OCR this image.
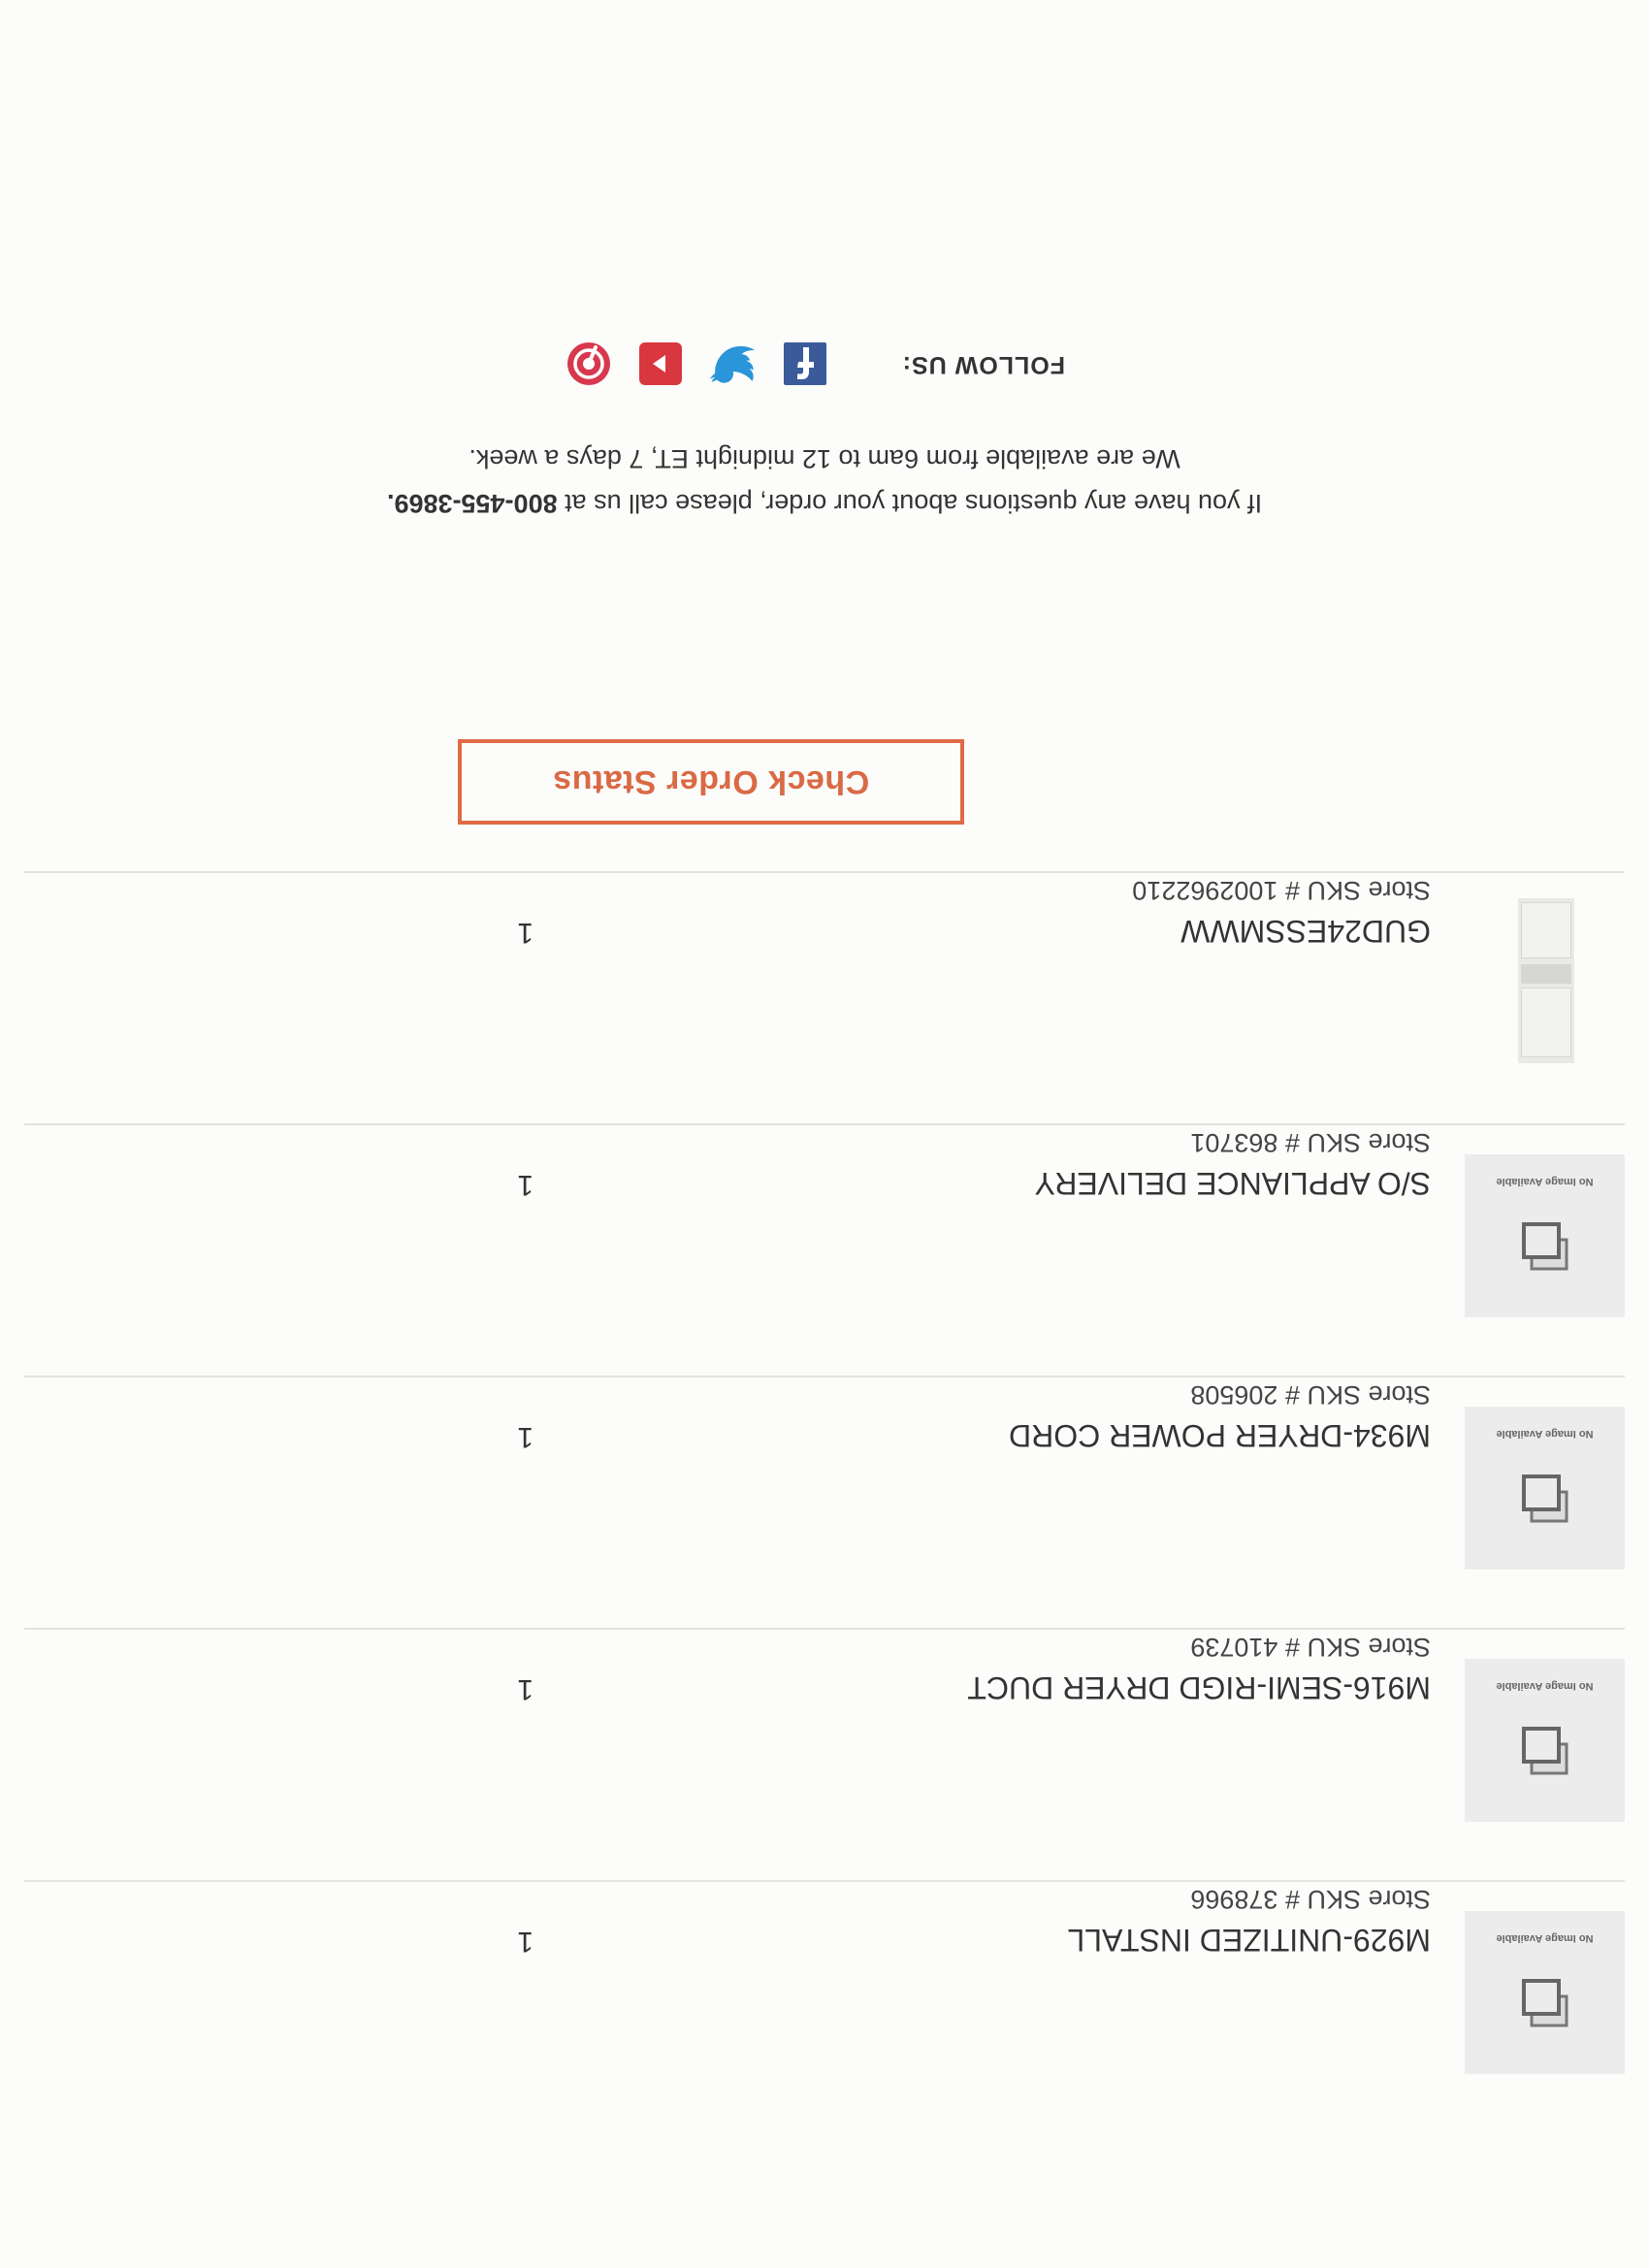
No Image Available
M929-UNITIZED INSTALL
Store SKU # 378966
1
No Image Available
M916-SEMI-RIGD DRYER DUCT
Store SKU # 410739
1
No Image Available
M934-DRYER POWER CORD
Store SKU # 206508
1
No Image Available
S/O APPLIANCE DELIVERY
Store SKU # 863701
1
GUD24ESSMWW
Store SKU # 1002962210
1
Check Order Status
If you have any questions about your order, please call us at 800-455-3869.
We are available from 6am to 12 midnight ET, 7 days a week.
FOLLOW US:
